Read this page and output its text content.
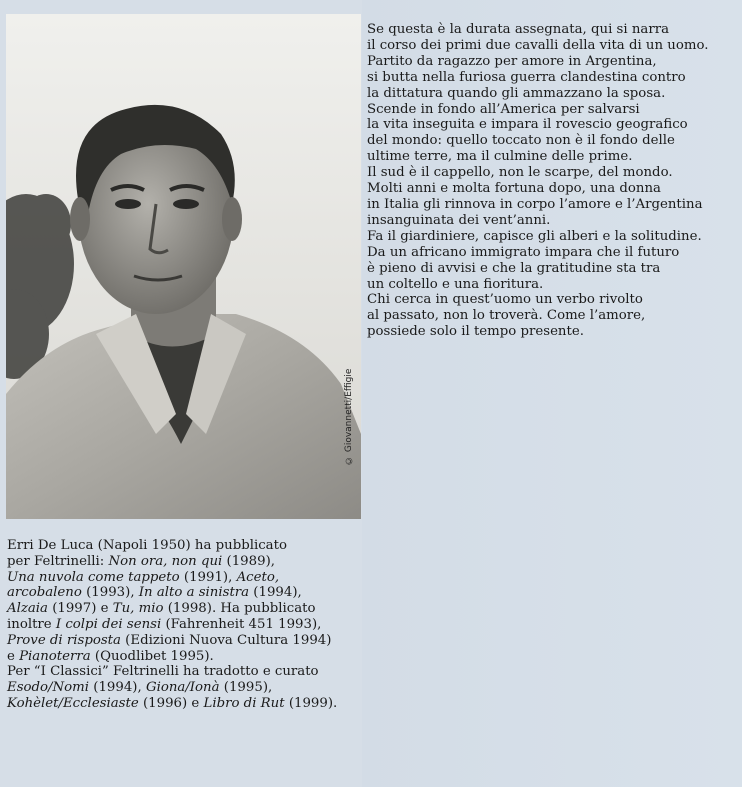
© Giovannetti/Effigie
Se questa è la durata assegnata, qui si narra
il corso dei primi due cavalli della vita di un uomo.
Partito da ragazzo per amore in Argentina,
si butta nella furiosa guerra clandestina contro
la dittatura quando gli ammazzano la sposa.
Scende in fondo all’America per salvarsi
la vita inseguita e impara il rovescio geografico
del mondo: quello toccato non è il fondo delle
ultime terre, ma il culmine delle prime.
Il sud è il cappello, non le scarpe, del mondo.
Molti anni e molta fortuna dopo, una donna
in Italia gli rinnova in corpo l’amore e l’Argentina
insanguinata dei vent’anni.
Fa il giardiniere, capisce gli alberi e la solitudine.
Da un africano immigrato impara che il futuro
è pieno di avvisi e che la gratitudine sta tra
un coltello e una fioritura.
Chi cerca in quest’uomo un verbo rivolto
al passato, non lo troverà. Come l’amore,
possiede solo il tempo presente.
Erri De Luca (Napoli 1950) ha pubblicato
per Feltrinelli: Non ora, non qui (1989),
Una nuvola come tappeto (1991), Aceto,
arcobaleno (1993), In alto a sinistra (1994),
Alzaia (1997) e Tu, mio (1998). Ha pubblicato
inoltre I colpi dei sensi (Fahrenheit 451 1993),
Prove di risposta (Edizioni Nuova Cultura 1994)
e Pianoterra (Quodlibet 1995).
Per “I Classici” Feltrinelli ha tradotto e curato
Esodo/Nomi (1994), Giona/Ionà (1995),
Kohèlet/Ecclesiaste (1996) e Libro di Rut (1999).
